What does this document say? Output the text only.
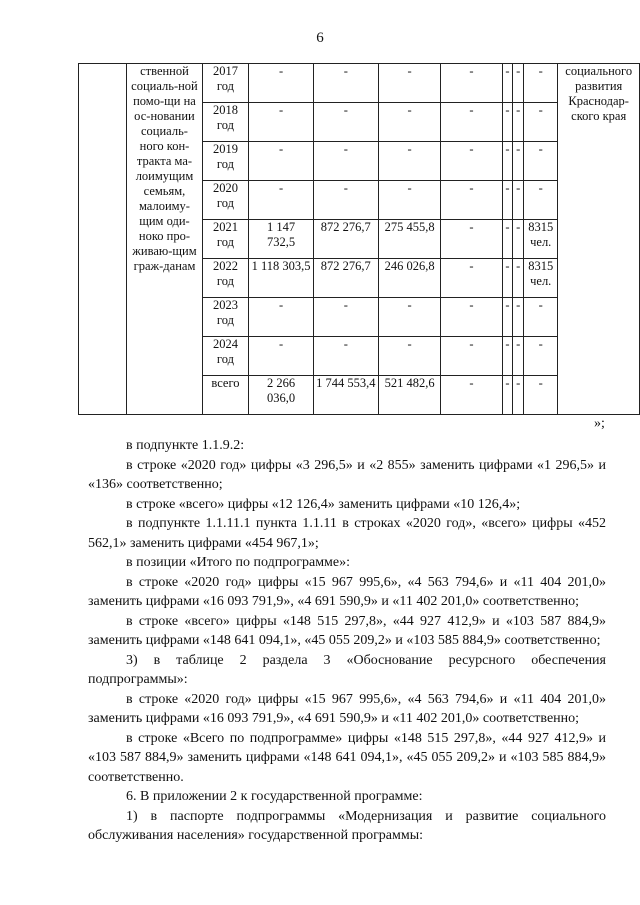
6
	ственной социаль-ной помо-щи на ос-новании социаль-ного кон-тракта ма-лоимущим семьям, малоиму-щим оди-ноко про-живаю-щим граж-данам	2017 год	-	-	-	-	-	-	-	социального развития Краснодар-ского края
		2018 год	-	-	-	-	-	-	-	
		2019 год	-	-	-	-	-	-	-	
		2020 год	-	-	-	-	-	-	-	
		2021 год	1 147 732,5	872 276,7	275 455,8	-	-	-	8315 чел.	
		2022 год	1 118 303,5	872 276,7	246 026,8	-	-	-	8315 чел.	
		2023 год	-	-	-	-	-	-	-	
		2024 год	-	-	-	-	-	-	-	
		всего	2 266 036,0	1 744 553,4	521 482,6	-	-	-	-	
»;

в подпункте 1.1.9.2:

в строке «2020 год» цифры «3 296,5» и «2 855» заменить цифрами «1 296,5» и «136» соответственно;

в строке «всего» цифры «12 126,4» заменить цифрами «10 126,4»;

в подпункте 1.1.11.1 пункта 1.1.11 в строках «2020 год», «всего» цифры «452 562,1» заменить цифрами «454 967,1»;

в позиции «Итого по подпрограмме»:

в строке «2020 год» цифры «15 967 995,6», «4 563 794,6» и «11 404 201,0» заменить цифрами «16 093 791,9», «4 691 590,9» и «11 402 201,0» соответственно;

в строке «всего» цифры «148 515 297,8», «44 927 412,9» и «103 587 884,9» заменить цифрами «148 641 094,1», «45 055 209,2» и «103 585 884,9» соответственно;

3) в таблице 2 раздела 3 «Обоснование ресурсного обеспечения подпрограммы»:

в строке «2020 год» цифры «15 967 995,6», «4 563 794,6» и «11 404 201,0» заменить цифрами «16 093 791,9», «4 691 590,9» и «11 402 201,0» соответственно;

в строке «Всего по подпрограмме» цифры «148 515 297,8», «44 927 412,9» и «103 587 884,9» заменить цифрами «148 641 094,1», «45 055 209,2» и «103 585 884,9» соответственно.

6. В приложении 2 к государственной программе:

1) в паспорте подпрограммы «Модернизация и развитие социального обслуживания населения» государственной программы:
